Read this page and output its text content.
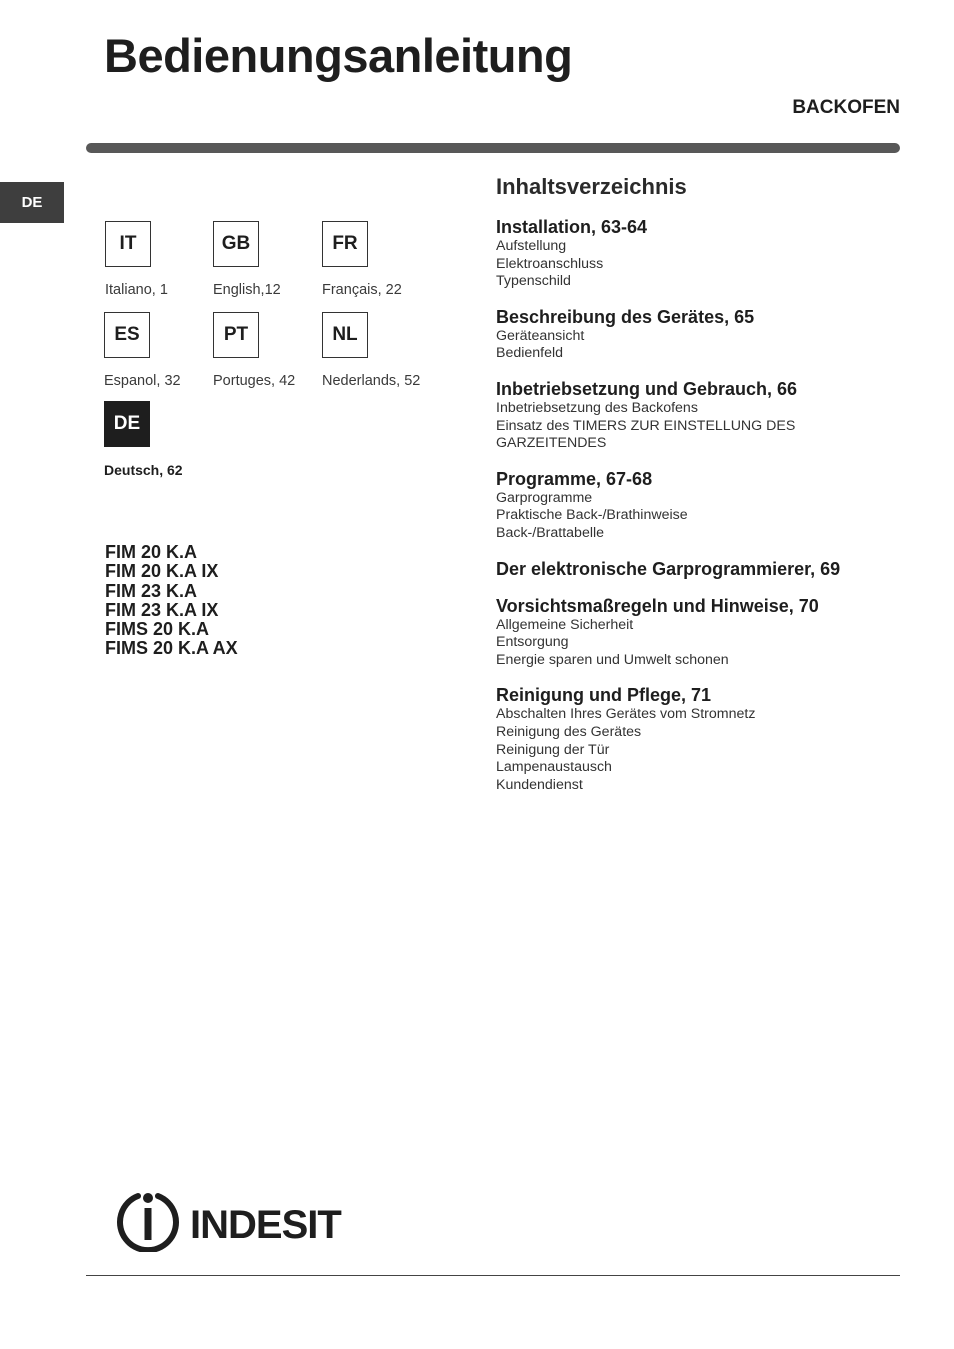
Bedienungsanleitung
BACKOFEN
DE
IT
Italiano, 1
GB
English,12
FR
Français, 22
ES
Espanol, 32
PT
Portuges, 42
NL
Nederlands, 52
DE
Deutsch, 62
FIM 20 K.A
FIM 20 K.A IX
FIM 23 K.A
FIM 23 K.A IX
FIMS 20 K.A
FIMS 20 K.A AX
Inhaltsverzeichnis
Installation, 63-64
Aufstellung
Elektroanschluss
Typenschild
Beschreibung des Gerätes, 65
Geräteansicht
Bedienfeld
Inbetriebsetzung und Gebrauch, 66
Inbetriebsetzung des Backofens
Einsatz des TIMERS ZUR EINSTELLUNG DES
GARZEITENDES
Programme, 67-68
Garprogramme
Praktische Back-/Brathinweise
Back-/Brattabelle
Der elektronische Garprogrammierer, 69
Vorsichtsmaßregeln und Hinweise, 70
Allgemeine Sicherheit
Entsorgung
Energie sparen und Umwelt schonen
Reinigung und Pflege, 71
Abschalten Ihres Gerätes vom Stromnetz
Reinigung des Gerätes
Reinigung der Tür
Lampenaustausch
Kundendienst
INDESIT
